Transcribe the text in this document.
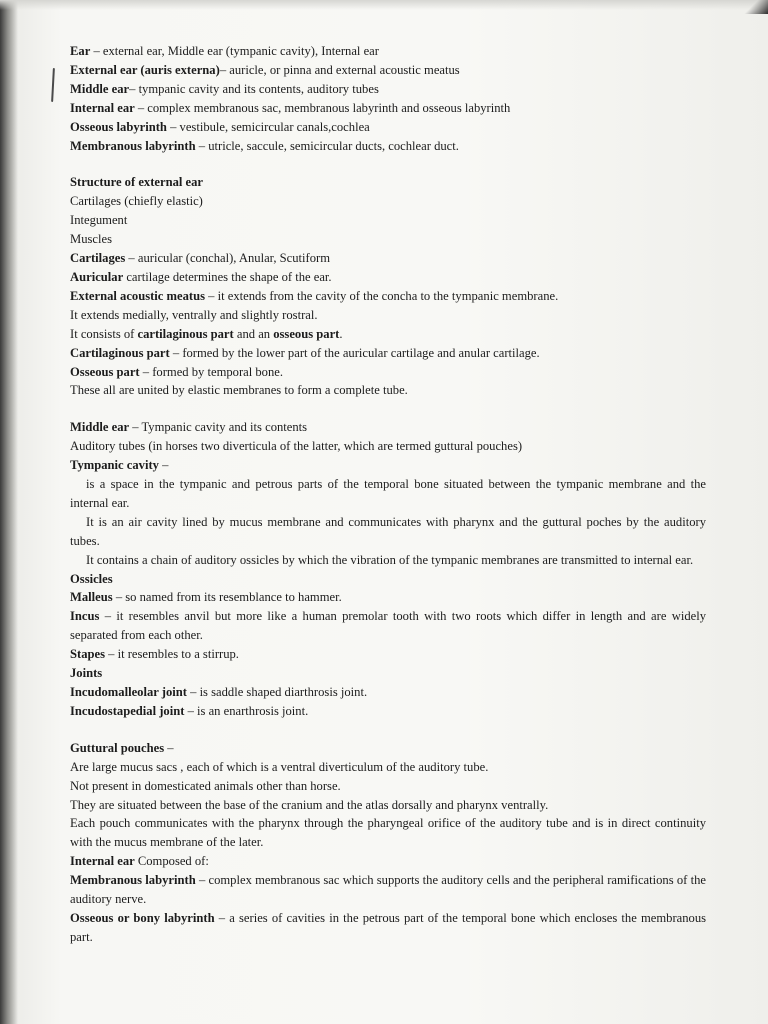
Ear – external ear, Middle ear (tympanic cavity), Internal ear
External ear (auris externa)– auricle, or pinna and external acoustic meatus
Middle ear– tympanic cavity and its contents, auditory tubes
Internal ear – complex membranous sac, membranous labyrinth and osseous labyrinth
Osseous labyrinth – vestibule, semicircular canals,cochlea
Membranous labyrinth – utricle, saccule, semicircular ducts, cochlear duct.
Structure of external ear
Cartilages (chiefly elastic)
Integument
Muscles
Cartilages – auricular (conchal), Anular, Scutiform
Auricular cartilage determines the shape of the ear.
External acoustic meatus – it extends from the cavity of the concha to the tympanic membrane.
It extends medially, ventrally and slightly rostral.
It consists of cartilaginous part and an osseous part.
Cartilaginous part – formed by the lower part of the auricular cartilage and anular cartilage.
Osseous part – formed by temporal bone.
These all are united by elastic membranes to form a complete tube.
Middle ear – Tympanic cavity and its contents
Auditory tubes (in horses two diverticula of the latter, which are termed guttural pouches)
Tympanic cavity –
is a space in the tympanic and petrous parts of the temporal bone situated between the tympanic membrane and the internal ear.
It is an air cavity lined by mucus membrane and communicates with pharynx and the guttural poches by the auditory tubes.
It contains a chain of auditory ossicles by which the vibration of the tympanic membranes are transmitted to internal ear.
Ossicles
Malleus – so named from its resemblance to hammer.
Incus – it resembles anvil but more like a human premolar tooth with two roots which differ in length and are widely separated from each other.
Stapes – it resembles to a stirrup.
Joints
Incudomalleolar joint – is saddle shaped diarthrosis joint.
Incudostapedial joint – is an enarthrosis joint.
Guttural pouches –
Are large mucus sacs , each of which is a ventral diverticulum of the auditory tube.
Not present in domesticated animals other than horse.
They are situated between the base of the cranium and the atlas dorsally and pharynx ventrally.
Each pouch communicates with the pharynx through the pharyngeal orifice of the auditory tube and is in direct continuity with the mucus membrane of the later.
Internal ear Composed of:
Membranous labyrinth – complex membranous sac which supports the auditory cells and the peripheral ramifications of the auditory nerve.
Osseous or bony labyrinth – a series of cavities in the petrous part of the temporal bone which encloses the membranous part.
